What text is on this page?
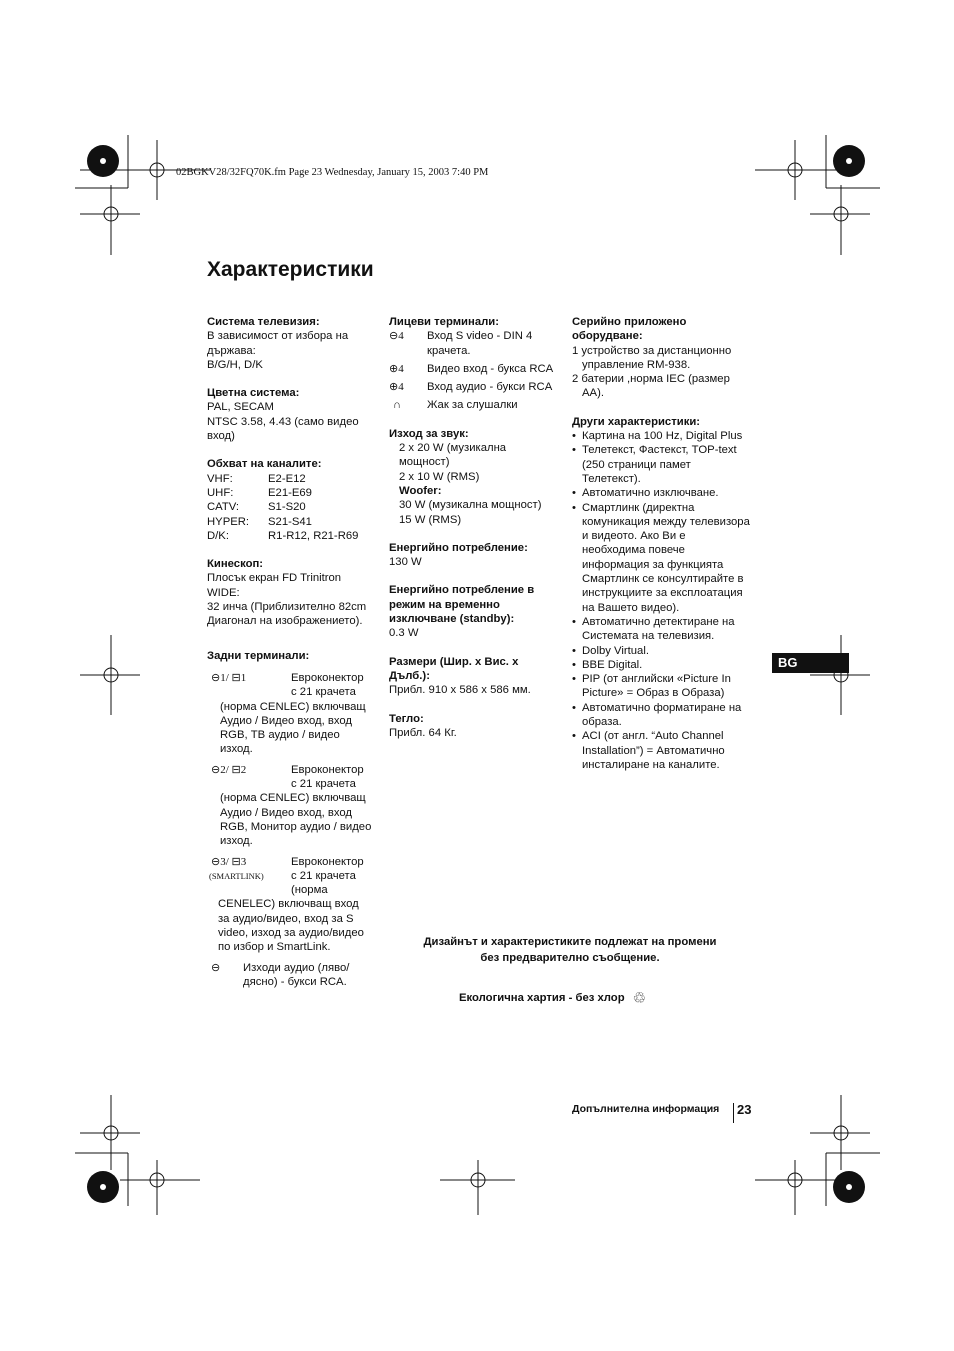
02BGKV28/32FQ70K.fm Page 23 Wednesday, January 15, 2003 7:40 PM
Характеристики
Система телевизия:
В зависимост от избора на
държава:
B/G/H, D/K
Цветна система:
PAL, SECAM
NTSC 3.58, 4.43 (само видео
вход)
Обхват на каналите:
VHF:	E2-E12
UHF:	E21-E69
CATV:	S1-S20
HYPER:	S21-S41
D/K:	R1-R12, R21-R69
Кинескоп:
Плосък екран FD Trinitron
WIDE:
32 инча (Приблизително 82cm
Диагонал на изображението).
Задни терминали:
⊖1/ ⊟1	Евроконектор
с 21 крачета
(норма CENLEC) включващ
Аудио / Видео вход, вход
RGB, ТВ аудио / видео
изход.
⊖2/ ⊟2	Евроконектор
с 21 крачета
(норма CENLEC) включващ
Аудио / Видео вход, вход
RGB, Монитор аудио / видео
изход.
⊖3/ ⊟3
(SMARTLINK)
Евроконектор
с 21 крачета
(норма
CENELEC) включващ вход
за аудио/видео, вход за S
video, изход за аудио/видео
по избор и SmartLink.
⊖	Изходи аудио (ляво/
дясно) - букси RCA.
Лицеви терминали:
⊖4	Вход S video - DIN 4
крачета.
⊕4	Видео вход - букса RCA
⊕4	Вход аудио - букси RCA
∩	Жак за слушалки
Изход за звук:
2 x 20 W (музикална
мощност)
2 x 10 W (RMS)
Woofer:
30 W (музикална мощност)
15 W (RMS)
Енергийно потребление:
130 W
Енергийно потребление в режим на временно изключване (standby):
0.3 W
Размери (Шир. x Вис. x Дълб.):
Прибл. 910 x 586 x 586 мм.
Тегло:
Прибл. 64 Кг.
Серийно приложено оборудване:
1 устройство за дистанционно управление RM-938.
2 батерии ,норма IEC (размер AA).
Други характеристики:
• Картина на 100 Hz, Digital Plus
• Телетекст, Фастекст, TOP-text (250 страници памет Телетекст).
• Автоматично изключване.
• Смартлинк (директна комуникация между телевизора и видеото. Ако Ви е необходима повече информация за функцията Смартлинк се консултирайте в инструкциите за експлоатация на Вашето видео).
• Автоматично детектиране на Системата на телевизия.
• Dolby Virtual.
• BBE Digital.
• PIP (от английски «Picture In Picture» = Образ в Образа)
• Автоматично форматиране на образа.
• ACI (от англ. “Auto Channel Installation”) = Автоматично инсталиране на каналите.
BG
Дизайнът и характеристиките подлежат на промени без предварително съобщение.
Екологична хартия - без хлор ♲
Допълнителна информация 23
